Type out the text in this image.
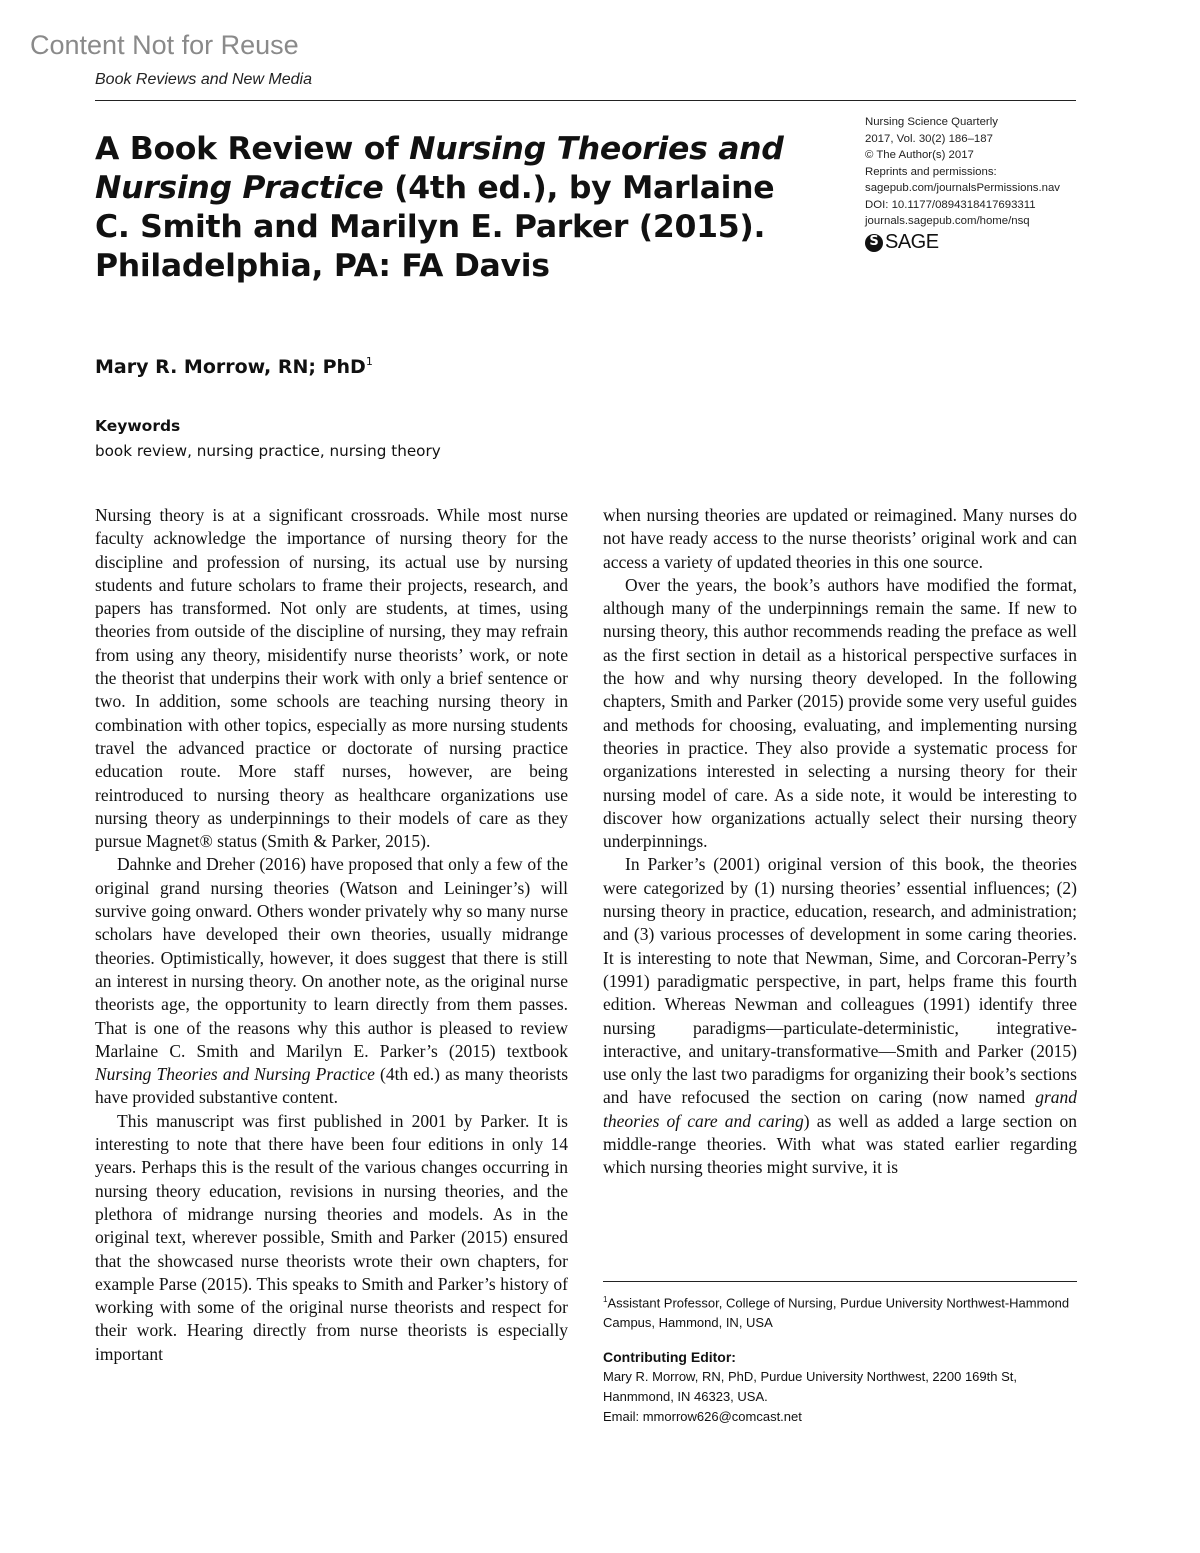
Content Not for Reuse
Book Reviews and New Media
A Book Review of Nursing Theories and Nursing Practice (4th ed.), by Marlaine C. Smith and Marilyn E. Parker (2015). Philadelphia, PA: FA Davis
Nursing Science Quarterly
2017, Vol. 30(2) 186–187
© The Author(s) 2017
Reprints and permissions:
sagepub.com/journalsPermissions.nav
DOI: 10.1177/0894318417693311
journals.sagepub.com/home/nsq
S SAGE
Mary R. Morrow, RN; PhD$^1$
Keywords
book review, nursing practice, nursing theory

Nursing theory is at a significant crossroads. While most nurse faculty acknowledge the importance of nursing theory for the discipline and profession of nursing, its actual use by nursing students and future scholars to frame their projects, research, and papers has transformed. Not only are students, at times, using theories from outside of the discipline of nursing, they may refrain from using any theory, misidentify nurse theorists’ work, or note the theorist that underpins their work with only a brief sentence or two. In addition, some schools are teaching nursing theory in combination with other topics, especially as more nursing students travel the advanced practice or doctorate of nursing practice education route. More staff nurses, however, are being reintroduced to nursing theory as healthcare organizations use nursing theory as underpinnings to their models of care as they pursue Magnet® status (Smith & Parker, 2015).

Dahnke and Dreher (2016) have proposed that only a few of the original grand nursing theories (Watson and Leininger’s) will survive going onward. Others wonder privately why so many nurse scholars have developed their own theories, usually midrange theories. Optimistically, however, it does suggest that there is still an interest in nursing theory. On another note, as the original nurse theorists age, the opportunity to learn directly from them passes. That is one of the reasons why this author is pleased to review Marlaine C. Smith and Marilyn E. Parker’s (2015) textbook Nursing Theories and Nursing Practice (4th ed.) as many theorists have provided substantive content.

This manuscript was first published in 2001 by Parker. It is interesting to note that there have been four editions in only 14 years. Perhaps this is the result of the various changes occurring in nursing theory education, revisions in nursing theories, and the plethora of midrange nursing theories and models. As in the original text, wherever possible, Smith and Parker (2015) ensured that the showcased nurse theorists wrote their own chapters, for example Parse (2015). This speaks to Smith and Parker’s history of working with some of the original nurse theorists and respect for their work. Hearing directly from nurse theorists is especially important

when nursing theories are updated or reimagined. Many nurses do not have ready access to the nurse theorists’ original work and can access a variety of updated theories in this one source.

Over the years, the book’s authors have modified the format, although many of the underpinnings remain the same. If new to nursing theory, this author recommends reading the preface as well as the first section in detail as a historical perspective surfaces in the how and why nursing theory developed. In the following chapters, Smith and Parker (2015) provide some very useful guides and methods for choosing, evaluating, and implementing nursing theories in practice. They also provide a systematic process for organizations interested in selecting a nursing theory for their nursing model of care. As a side note, it would be interesting to discover how organizations actually select their nursing theory underpinnings.

In Parker’s (2001) original version of this book, the theories were categorized by (1) nursing theories’ essential influences; (2) nursing theory in practice, education, research, and administration; and (3) various processes of development in some caring theories. It is interesting to note that Newman, Sime, and Corcoran-Perry’s (1991) paradigmatic perspective, in part, helps frame this fourth edition. Whereas Newman and colleagues (1991) identify three nursing paradigms—particulate-deterministic, integrative-interactive, and unitary-transformative—Smith and Parker (2015) use only the last two paradigms for organizing their book’s sections and have refocused the section on caring (now named grand theories of care and caring) as well as added a large section on middle-range theories. With what was stated earlier regarding which nursing theories might survive, it is

$^1$Assistant Professor, College of Nursing, Purdue University Northwest-Hammond Campus, Hammond, IN, USA
Contributing Editor:
Mary R. Morrow, RN, PhD, Purdue University Northwest, 2200 169th St, Hanmmond, IN 46323, USA.
Email: mmorrow626@comcast.net
